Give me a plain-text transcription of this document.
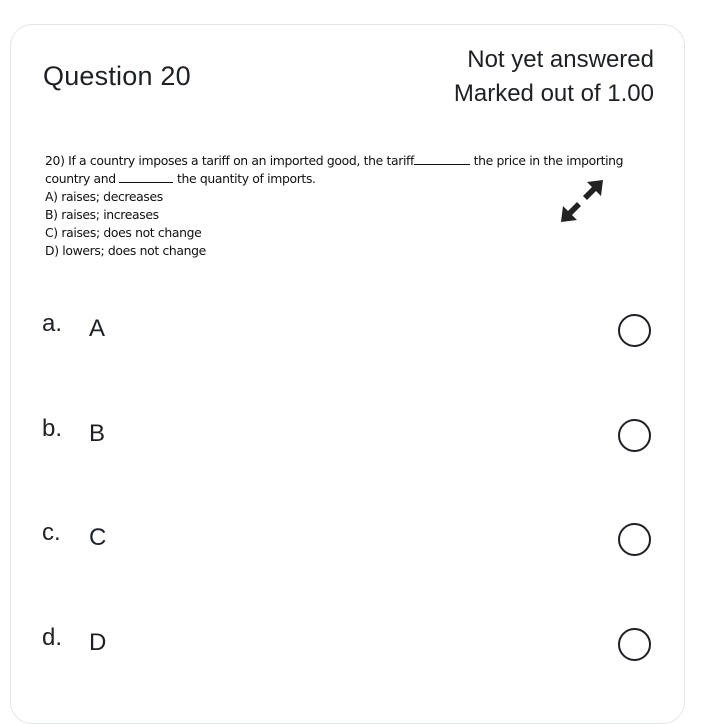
Question 20
Not yet answered
Marked out of 1.00
20) If a country imposes a tariff on an imported good, the tariff	the price in the importing
country and	the quantity of imports.
A) raises; decreases
B) raises; increases
C) raises; does not change
D) lowers; does not change
a. A
b. B
c. C
d. D
